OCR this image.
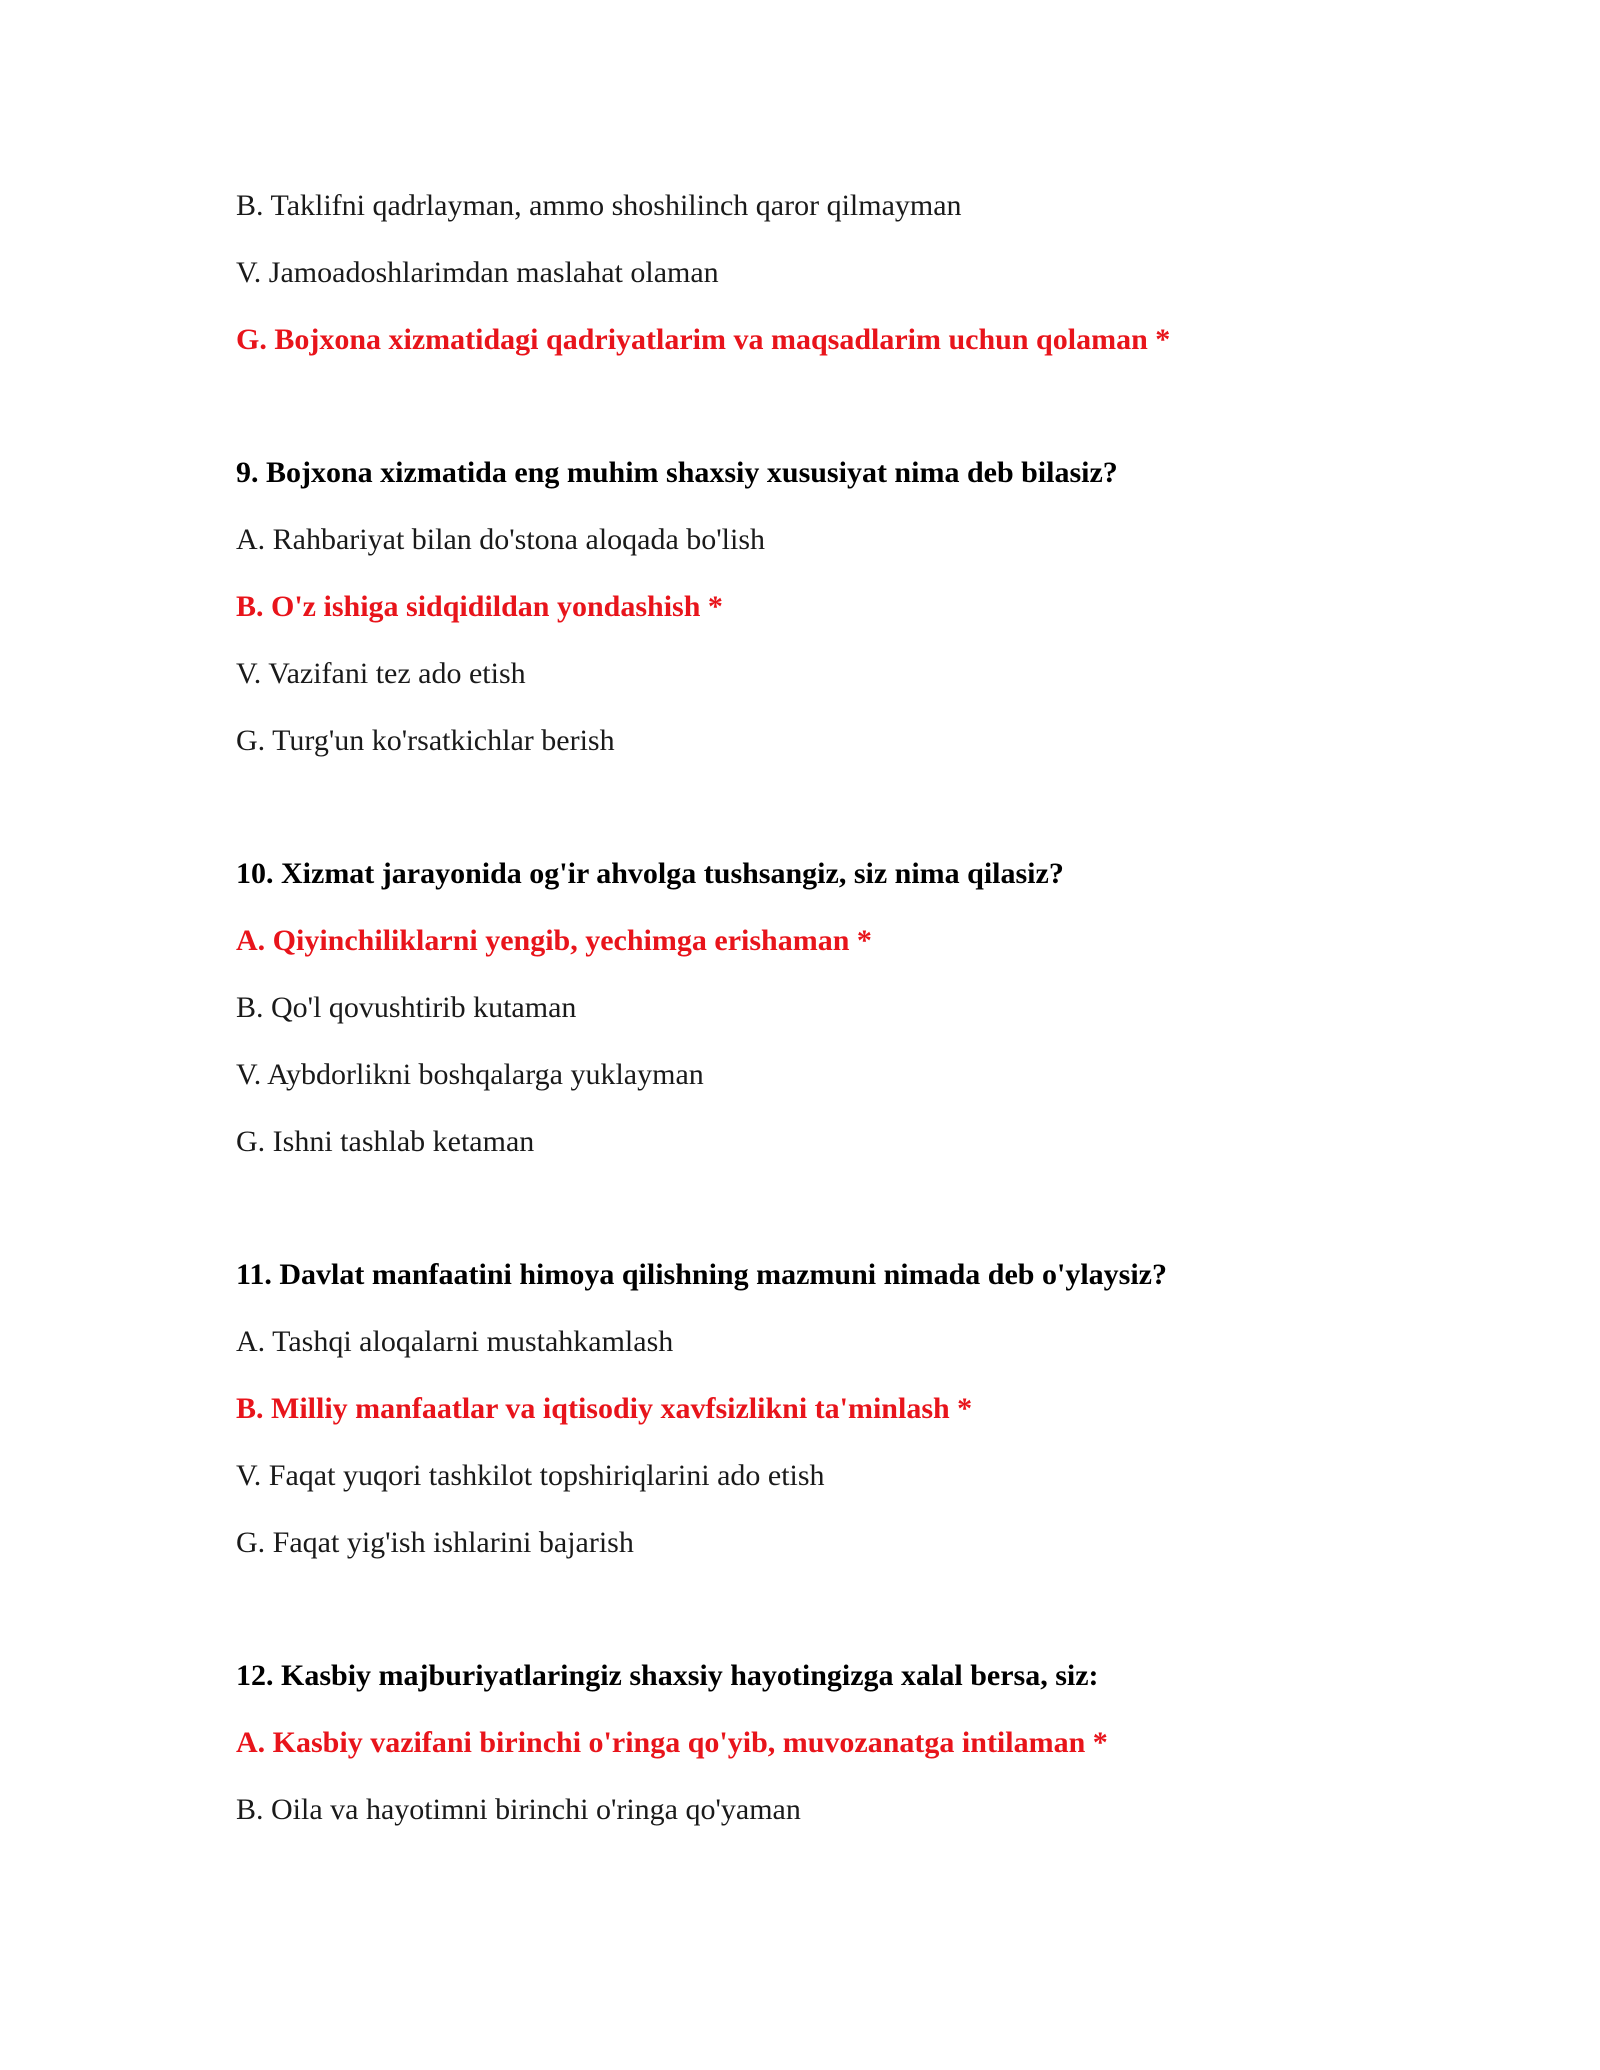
B. Taklifni qadrlayman, ammo shoshilinch qaror qilmayman

V. Jamoadoshlarimdan maslahat olaman

G. Bojxona xizmatidagi qadriyatlarim va maqsadlarim uchun qolaman *

9. Bojxona xizmatida eng muhim shaxsiy xususiyat nima deb bilasiz?

A. Rahbariyat bilan do'stona aloqada bo'lish

B. O'z ishiga sidqidildan yondashish *

V. Vazifani tez ado etish

G. Turg'un ko'rsatkichlar berish

10. Xizmat jarayonida og'ir ahvolga tushsangiz, siz nima qilasiz?

A. Qiyinchiliklarni yengib, yechimga erishaman *

B. Qo'l qovushtirib kutaman

V. Aybdorlikni boshqalarga yuklayman

G. Ishni tashlab ketaman

11. Davlat manfaatini himoya qilishning mazmuni nimada deb o'ylaysiz?

A. Tashqi aloqalarni mustahkamlash

B. Milliy manfaatlar va iqtisodiy xavfsizlikni ta'minlash *

V. Faqat yuqori tashkilot topshiriqlarini ado etish

G. Faqat yig'ish ishlarini bajarish

12. Kasbiy majburiyatlaringiz shaxsiy hayotingizga xalal bersa, siz:

A. Kasbiy vazifani birinchi o'ringa qo'yib, muvozanatga intilaman *

B. Oila va hayotimni birinchi o'ringa qo'yaman
